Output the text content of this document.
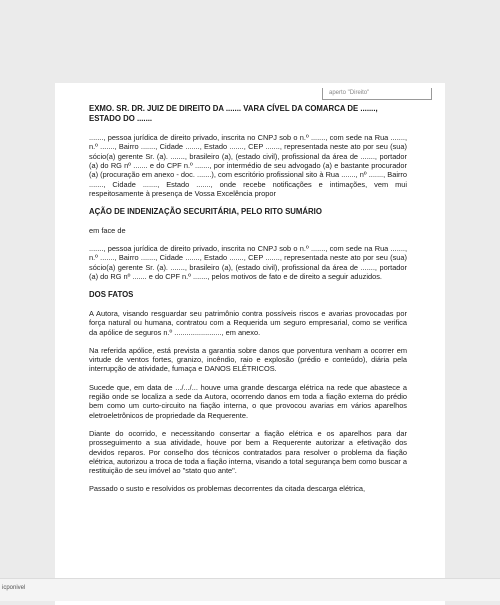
aperto "Direito"
EXMO. SR. DR. JUIZ DE DIREITO DA ....... VARA CÍVEL DA COMARCA DE ......., ESTADO DO .......

......., pessoa jurídica de direito privado, inscrita no CNPJ sob o n.º ......., com sede na Rua ......., n.º ......., Bairro ......., Cidade ......., Estado ......., CEP ......., representada neste ato por seu (sua) sócio(a) gerente Sr. (a). ......., brasileiro (a), (estado civil), profissional da área de ......., portador (a) do RG nº ....... e do CPF n.º ......., por intermédio de seu advogado (a) e bastante procurador (a) (procuração em anexo - doc. .......), com escritório profissional sito à Rua ......., nº ......., Bairro ......., Cidade ......., Estado ......., onde recebe notificações e intimações, vem mui respeitosamente à presença de Vossa Excelência propor

AÇÃO DE INDENIZAÇÃO SECURITÁRIA, PELO RITO SUMÁRIO

em face de

......., pessoa jurídica de direito privado, inscrita no CNPJ sob o n.º ......., com sede na Rua ......., n.º ......., Bairro ......., Cidade ......., Estado ......., CEP ......., representada neste ato por seu (sua) sócio(a) gerente Sr. (a). ......., brasileiro (a), (estado civil), profissional da área de ......., portador (a) do RG nº ....... e do CPF n.º ......., pelos motivos de fato e de direito a seguir aduzidos.

DOS FATOS

A Autora, visando resguardar seu patrimônio contra possíveis riscos e avarias provocadas por força natural ou humana, contratou com a Requerida um seguro empresarial, como se verifica da apólice de seguros n.º ......................., em anexo.

Na referida apólice, está prevista a garantia sobre danos que porventura venham a ocorrer em virtude de ventos fortes, granizo, incêndio, raio e explosão (prédio e conteúdo), diária pela interrupção de atividade, fumaça e DANOS ELÉTRICOS.

Sucede que, em data de .../.../... houve uma grande descarga elétrica na rede que abastece a região onde se localiza a sede da Autora, ocorrendo danos em toda a fiação externa do prédio bem como um curto-circuito na fiação interna, o que provocou avarias em vários aparelhos eletroeletrônicos de propriedade da Requerente.

Diante do ocorrido, e necessitando consertar a fiação elétrica e os aparelhos para dar prosseguimento a sua atividade, houve por bem a Requerente autorizar a efetivação dos devidos reparos. Por conselho dos técnicos contratados para resolver o problema da fiação elétrica, autorizou a troca de toda a fiação interna, visando a total segurança bem como buscar a restituição de seu imóvel ao "stato quo ante".

Passado o susto e resolvidos os problemas decorrentes da citada descarga elétrica,

icponivel
